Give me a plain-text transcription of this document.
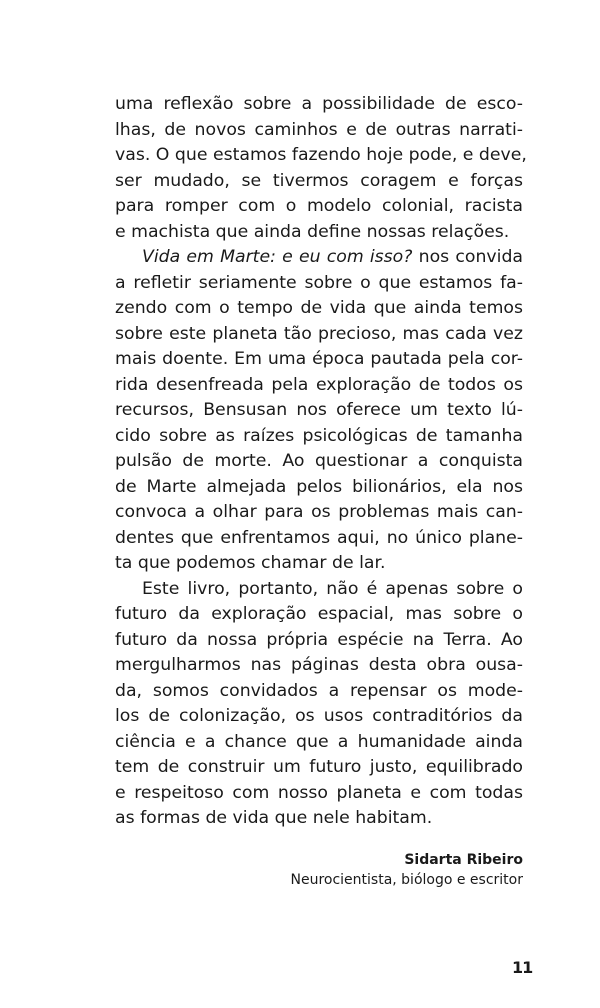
uma reflexão sobre a possibilidade de esco-
lhas, de novos caminhos e de outras narrati-
vas. O que estamos fazendo hoje pode, e deve,
ser mudado, se tivermos coragem e forças
para romper com o modelo colonial, racista
e machista que ainda define nossas relações.
Vida em Marte: e eu com isso? nos convida
a refletir seriamente sobre o que estamos fa-
zendo com o tempo de vida que ainda temos
sobre este planeta tão precioso, mas cada vez
mais doente. Em uma época pautada pela cor-
rida desenfreada pela exploração de todos os
recursos, Bensusan nos oferece um texto lú-
cido sobre as raízes psicológicas de tamanha
pulsão de morte. Ao questionar a conquista
de Marte almejada pelos bilionários, ela nos
convoca a olhar para os problemas mais can-
dentes que enfrentamos aqui, no único plane-
ta que podemos chamar de lar.
Este livro, portanto, não é apenas sobre o
futuro da exploração espacial, mas sobre o
futuro da nossa própria espécie na Terra. Ao
mergulharmos nas páginas desta obra ousa-
da, somos convidados a repensar os mode-
los de colonização, os usos contraditórios da
ciência e a chance que a humanidade ainda
tem de construir um futuro justo, equilibrado
e respeitoso com nosso planeta e com todas
as formas de vida que nele habitam.
Sidarta Ribeiro
Neurocientista, biólogo e escritor
11
